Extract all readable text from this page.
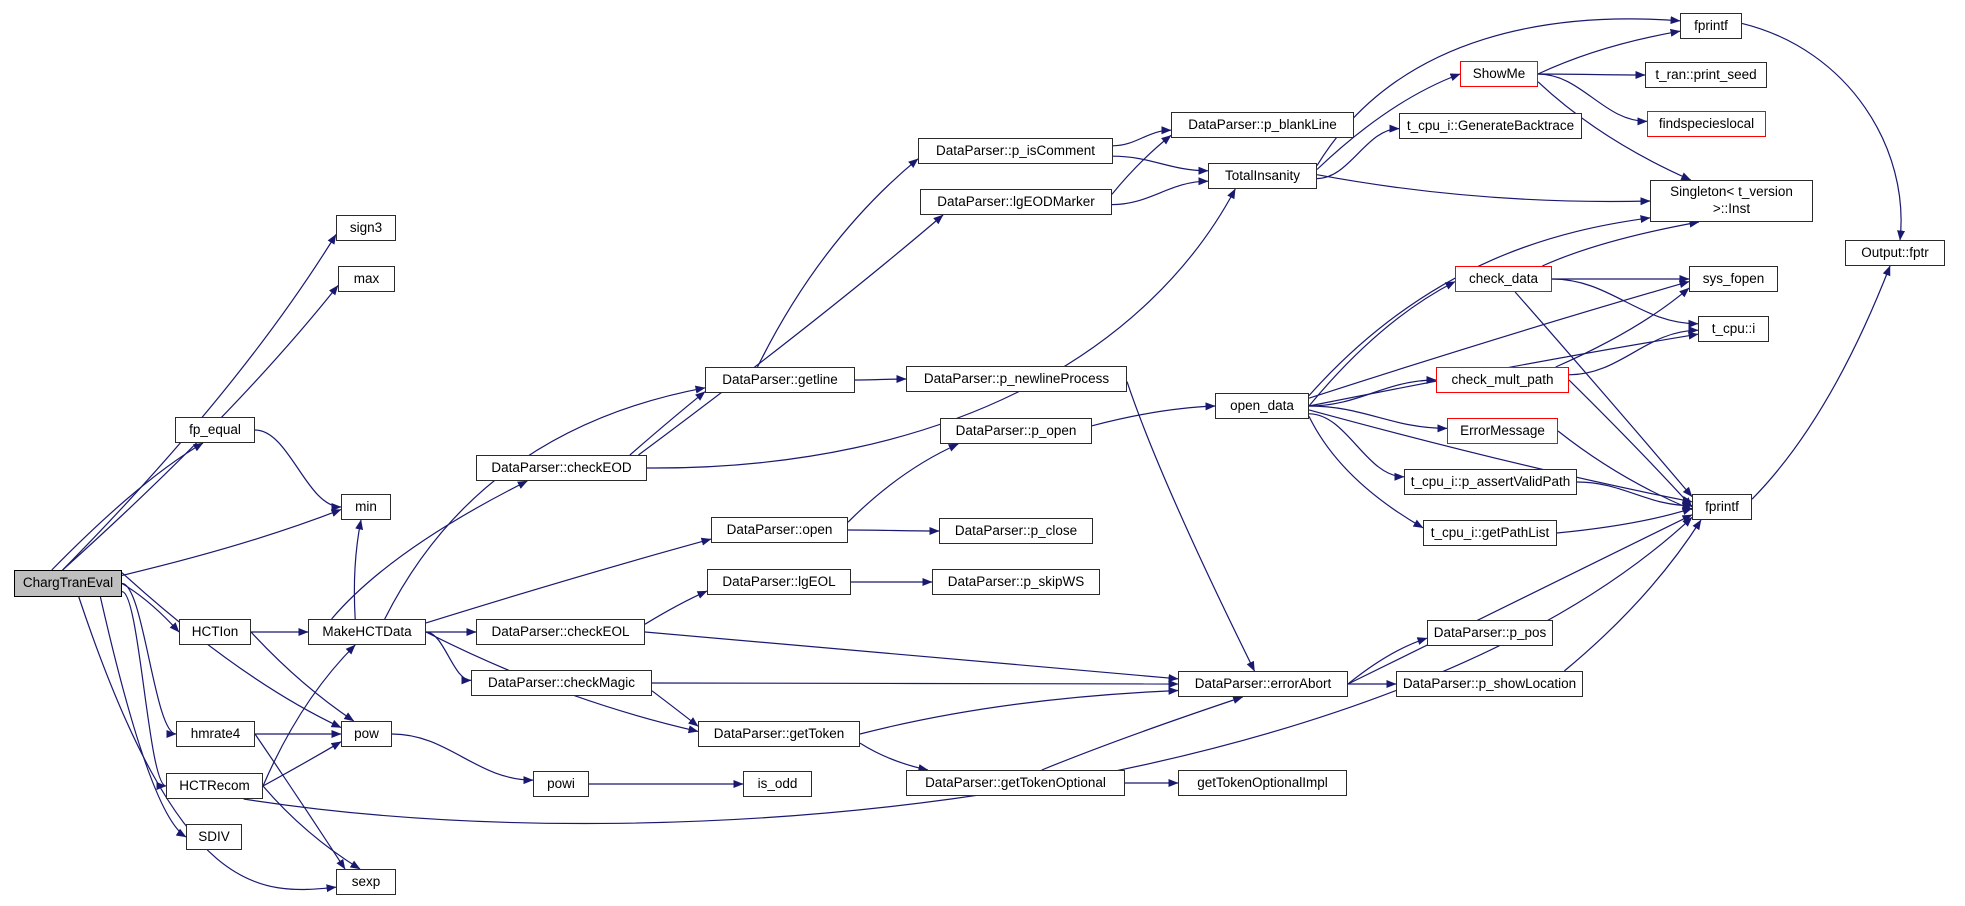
ChargTranEval
sign3
max
fp_equal
min
HCTIon	MakeHCTData
hmrate4
HCTRecom
SDIV
sexp
pow
powi	is_odd
DataParser::checkEOD
DataParser::getline
DataParser::open
DataParser::lgEOL
DataParser::checkEOL
DataParser::checkMagic
DataParser::getToken
DataParser::p_isComment
DataParser::lgEODMarker
DataParser::p_newlineProcess
DataParser::p_open
DataParser::p_close
DataParser::p_skipWS
DataParser::errorAbort
DataParser::getTokenOptional	getTokenOptionalImpl
DataParser::p_blankLine
TotalInsanity
open_data
fprintf
ShowMe	t_ran::print_seed
findspecieslocal
t_cpu_i::GenerateBacktrace
Singleton< t_version
>::Inst
Output::fptr
check_data	sys_fopen
t_cpu::i
check_mult_path
ErrorMessage
t_cpu_i::p_assertValidPath
t_cpu_i::getPathList
fprintf
DataParser::p_pos
DataParser::p_showLocation
